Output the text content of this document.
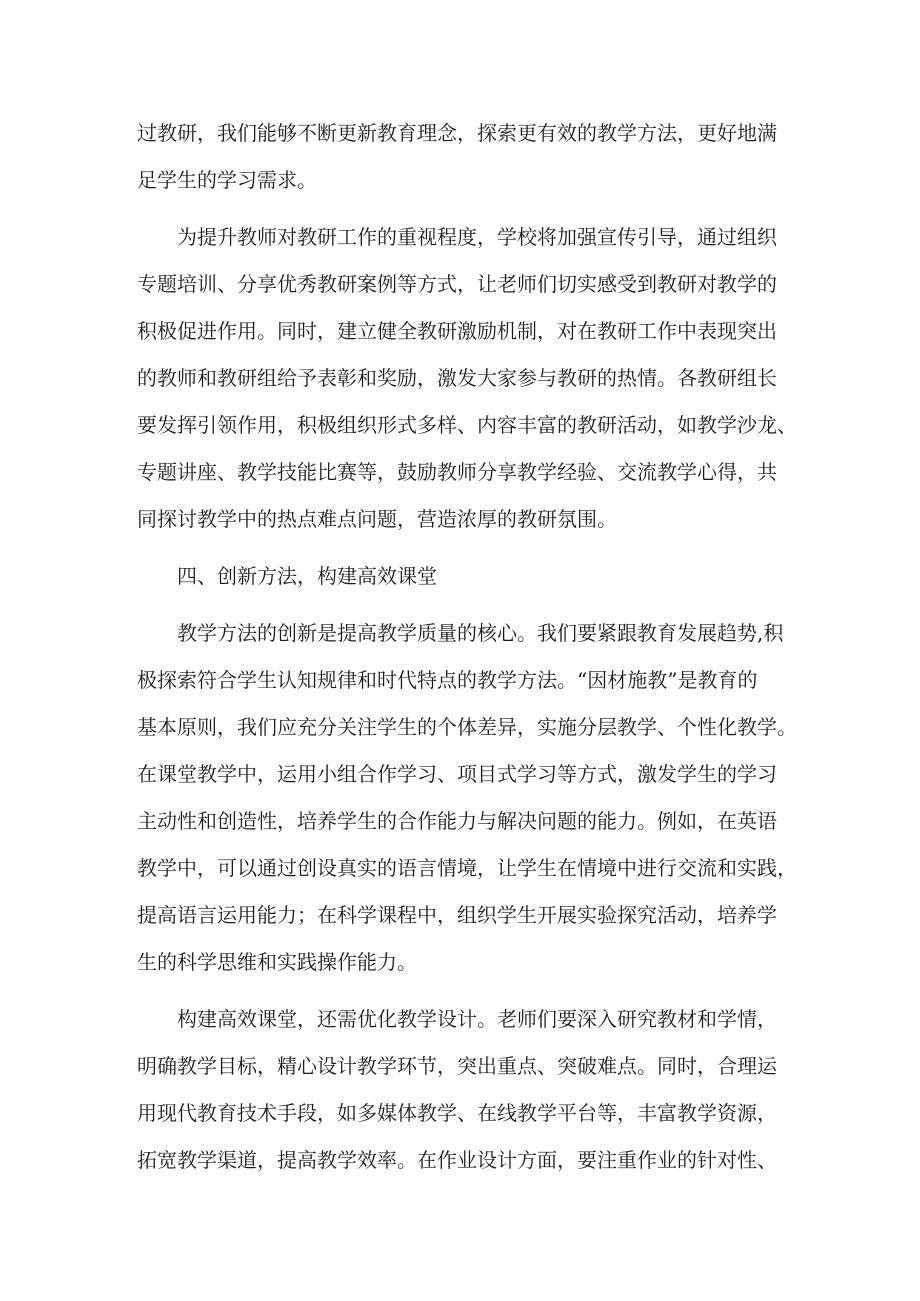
过教研，我们能够不断更新教育理念，探索更有效的教学方法，更好地满
足学生的学习需求。

为提升教师对教研工作的重视程度，学校将加强宣传引导，通过组织
专题培训、分享优秀教研案例等方式，让老师们切实感受到教研对教学的
积极促进作用。同时，建立健全教研激励机制，对在教研工作中表现突出
的教师和教研组给予表彰和奖励，激发大家参与教研的热情。各教研组长
要发挥引领作用，积极组织形式多样、内容丰富的教研活动，如教学沙龙、
专题讲座、教学技能比赛等，鼓励教师分享教学经验、交流教学心得，共
同探讨教学中的热点难点问题，营造浓厚的教研氛围。

四、创新方法，构建高效课堂

教学方法的创新是提高教学质量的核心。我们要紧跟教育发展趋势,积
极探索符合学生认知规律和时代特点的教学方法。“因材施教”是教育的
基本原则，我们应充分关注学生的个体差异，实施分层教学、个性化教学。
在课堂教学中，运用小组合作学习、项目式学习等方式，激发学生的学习
主动性和创造性，培养学生的合作能力与解决问题的能力。例如，在英语
教学中，可以通过创设真实的语言情境，让学生在情境中进行交流和实践，
提高语言运用能力；在科学课程中，组织学生开展实验探究活动，培养学
生的科学思维和实践操作能力。

构建高效课堂，还需优化教学设计。老师们要深入研究教材和学情，
明确教学目标，精心设计教学环节，突出重点、突破难点。同时，合理运
用现代教育技术手段，如多媒体教学、在线教学平台等，丰富教学资源，
拓宽教学渠道，提高教学效率。在作业设计方面，要注重作业的针对性、
